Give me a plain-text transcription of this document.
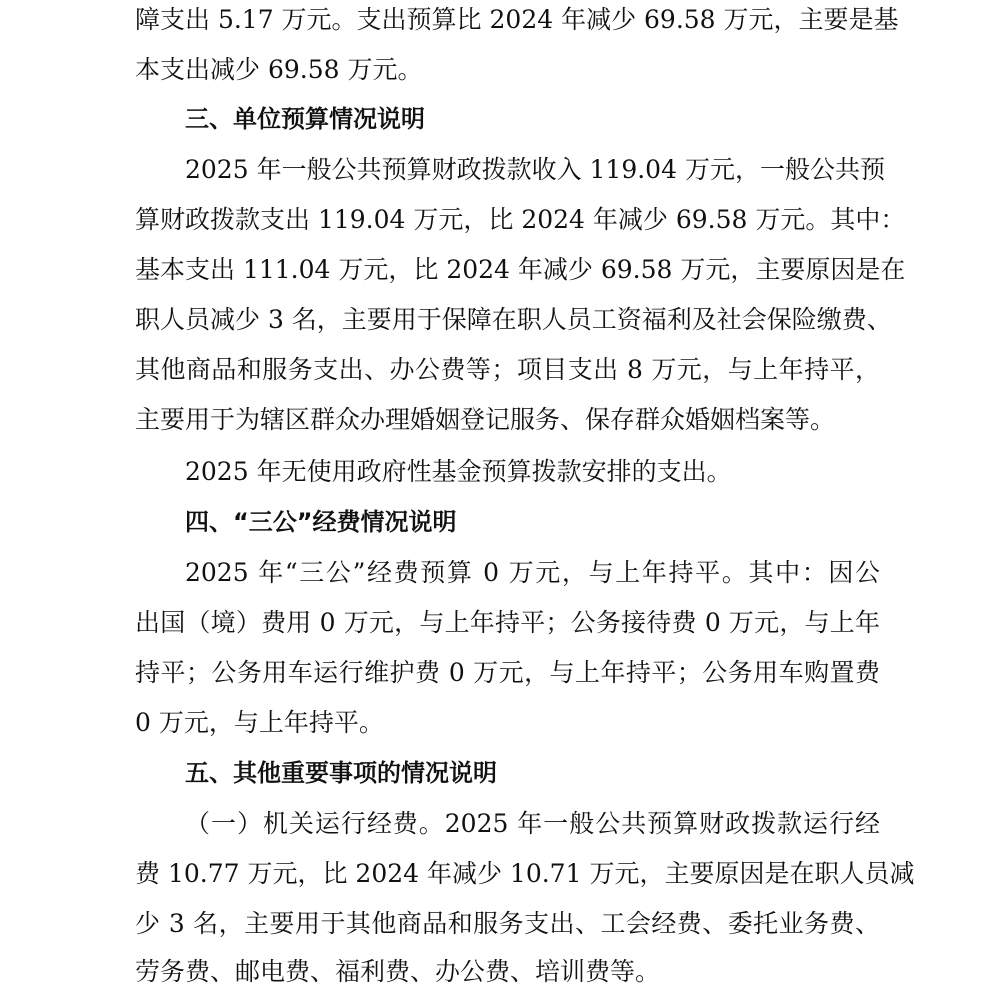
障支出 5.17 万元。支出预算比 2024 年减少 69.58 万元，主要是基
本支出减少 69.58 万元。
三、单位预算情况说明
2025 年一般公共预算财政拨款收入 119.04 万元，一般公共预
算财政拨款支出 119.04 万元，比 2024 年减少 69.58 万元。其中：
基本支出 111.04 万元，比 2024 年减少 69.58 万元，主要原因是在
职人员减少 3 名，主要用于保障在职人员工资福利及社会保险缴费、
其他商品和服务支出、办公费等；项目支出 8 万元，与上年持平，
主要用于为辖区群众办理婚姻登记服务、保存群众婚姻档案等。
2025 年无使用政府性基金预算拨款安排的支出。
四、“三公”经费情况说明
2025 年“三公”经费预算 0 万元，与上年持平。其中：因公
出国（境）费用 0 万元，与上年持平；公务接待费 0 万元，与上年
持平；公务用车运行维护费 0 万元，与上年持平；公务用车购置费
0 万元，与上年持平。
五、其他重要事项的情况说明
（一）机关运行经费。2025 年一般公共预算财政拨款运行经
费 10.77 万元，比 2024 年减少 10.71 万元，主要原因是在职人员减
少 3 名，主要用于其他商品和服务支出、工会经费、委托业务费、
劳务费、邮电费、福利费、办公费、培训费等。
